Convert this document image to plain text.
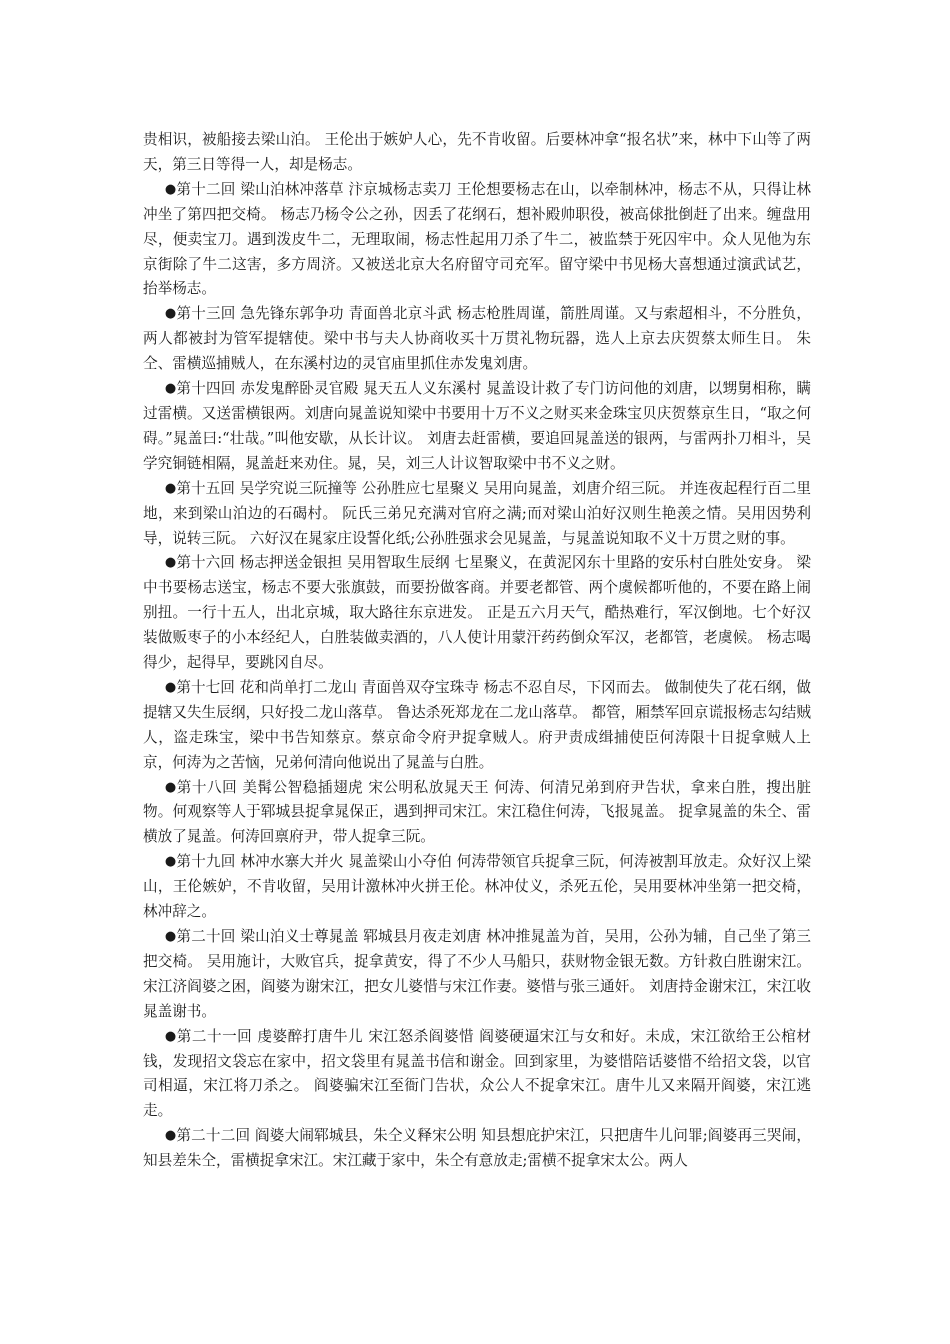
贵相识，被船接去梁山泊。 王伦出于嫉妒人心，先不肯收留。后要林冲拿“报名状”来，林中下山等了两天，第三日等得一人，却是杨志。

●第十二回 梁山泊林冲落草 汴京城杨志卖刀 王伦想要杨志在山，以牵制林冲，杨志不从，只得让林冲坐了第四把交椅。 杨志乃杨令公之孙，因丢了花纲石，想补殿帅职役，被高俅批倒赶了出来。缠盘用尽，便卖宝刀。遇到泼皮牛二，无理取闹，杨志性起用刀杀了牛二，被监禁于死囚牢中。众人见他为东京街除了牛二这害，多方周济。又被送北京大名府留守司充军。留守梁中书见杨大喜想通过演武试艺，抬举杨志。

●第十三回 急先锋东郭争功 青面兽北京斗武 杨志枪胜周谨，箭胜周谨。又与索超相斗，不分胜负，两人都被封为管军提辖使。梁中书与夫人协商收买十万贯礼物玩器，选人上京去庆贺蔡太师生日。 朱仝、雷横巡捕贼人，在东溪村边的灵官庙里抓住赤发鬼刘唐。

●第十四回 赤发鬼醉卧灵官殿 晁天五人义东溪村 晁盖设计救了专门访问他的刘唐，以甥舅相称，瞒过雷横。又送雷横银两。刘唐向晁盖说知梁中书要用十万不义之财买来金珠宝贝庆贺蔡京生日，“取之何碍。”晁盖曰:“壮哉。”叫他安歇，从长计议。 刘唐去赶雷横，要追回晁盖送的银两，与雷两扑刀相斗，吴学究铜链相隔，晁盖赶来劝住。晁，吴，刘三人计议智取梁中书不义之财。

●第十五回 吴学究说三阮撞等 公孙胜应七星聚义 吴用向晁盖，刘唐介绍三阮。 并连夜起程行百二里地，来到梁山泊边的石碣村。 阮氏三弟兄充满对官府之满;而对梁山泊好汉则生艳羡之情。吴用因势利导，说转三阮。 六好汉在晁家庄设誓化纸;公孙胜强求会见晁盖，与晁盖说知取不义十万贯之财的事。

●第十六回 杨志押送金银担 吴用智取生辰纲 七星聚义，在黄泥冈东十里路的安乐村白胜处安身。 梁中书要杨志送宝，杨志不要大张旗鼓，而要扮做客商。并要老都管、两个虞候都听他的，不要在路上闹别扭。一行十五人，出北京城，取大路往东京进发。 正是五六月天气，酷热难行，军汉倒地。七个好汉装做贩枣子的小本经纪人，白胜装做卖酒的，八人使计用蒙汗药药倒众军汉，老都管，老虞候。 杨志喝得少，起得早，要跳冈自尽。

●第十七回 花和尚单打二龙山 青面兽双夺宝珠寺 杨志不忍自尽，下冈而去。 做制使失了花石纲，做提辖又失生辰纲，只好投二龙山落草。 鲁达杀死郑龙在二龙山落草。 都管，厢禁军回京谎报杨志勾结贼人，盗走珠宝，梁中书告知蔡京。蔡京命令府尹捉拿贼人。府尹责成缉捕使臣何涛限十日捉拿贼人上京，何涛为之苦恼，兄弟何清向他说出了晁盖与白胜。

●第十八回 美髯公智稳插翅虎 宋公明私放晁天王 何涛、何清兄弟到府尹告状，拿来白胜，搜出脏物。何观察等人于郓城县捉拿晁保正，遇到押司宋江。宋江稳住何涛，飞报晁盖。 捉拿晁盖的朱仝、雷横放了晁盖。何涛回禀府尹，带人捉拿三阮。

●第十九回 林冲水寨大并火 晁盖梁山小夺伯 何涛带领官兵捉拿三阮，何涛被割耳放走。众好汉上梁山，王伦嫉妒，不肯收留，吴用计激林冲火拼王伦。林冲仗义，杀死五伦，吴用要林冲坐第一把交椅，林冲辞之。

●第二十回 梁山泊义士尊晁盖 郓城县月夜走刘唐 林冲推晁盖为首，吴用，公孙为辅，自己坐了第三把交椅。 吴用施计，大败官兵，捉拿黄安，得了不少人马船只，获财物金银无数。方针救白胜谢宋江。 宋江济阎婆之困，阎婆为谢宋江，把女儿婆惜与宋江作妻。婆惜与张三通奸。 刘唐持金谢宋江，宋江收晁盖谢书。

●第二十一回 虔婆醉打唐牛儿 宋江怒杀阎婆惜 阎婆硬逼宋江与女和好。未成，宋江欲给王公棺材钱，发现招文袋忘在家中，招文袋里有晁盖书信和谢金。回到家里，为婆惜陪话婆惜不给招文袋，以官司相逼，宋江将刀杀之。 阎婆骗宋江至衙门告状，众公人不捉拿宋江。唐牛儿又来隔开阎婆，宋江逃走。

●第二十二回 阎婆大闹郓城县，朱仝义释宋公明 知县想庇护宋江，只把唐牛儿问罪;阎婆再三哭闹，知县差朱仝，雷横捉拿宋江。宋江藏于家中，朱仝有意放走;雷横不捉拿宋太公。两人
